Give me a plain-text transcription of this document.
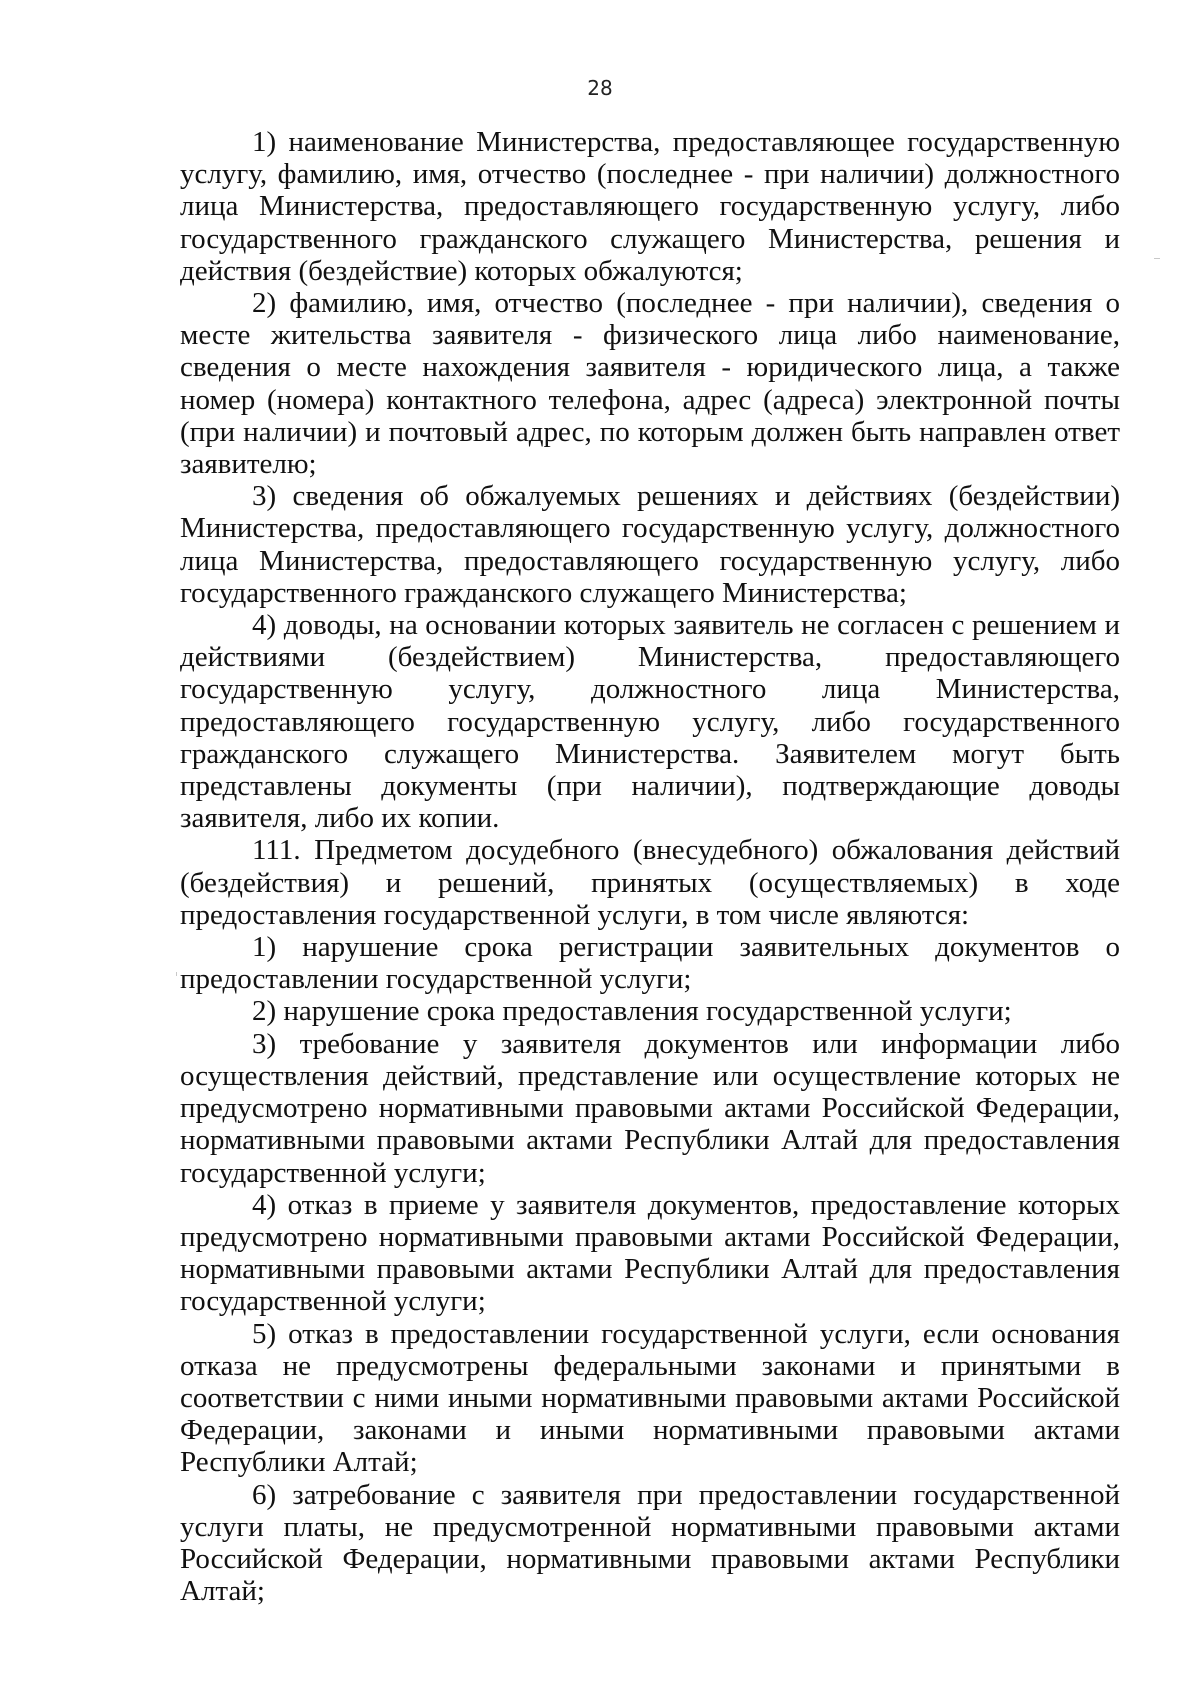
28

1) наименование Министерства, предоставляющее государственную услугу, фамилию, имя, отчество (последнее - при наличии) должностного лица Министерства, предоставляющего государственную услугу, либо государственного гражданского служащего Министерства, решения и действия (бездействие) которых обжалуются;

2) фамилию, имя, отчество (последнее - при наличии), сведения о месте жительства заявителя - физического лица либо наименование, сведения о месте нахождения заявителя - юридического лица, а также номер (номера) контактного телефона, адрес (адреса) электронной почты (при наличии) и почтовый адрес, по которым должен быть направлен ответ заявителю;

3) сведения об обжалуемых решениях и действиях (бездействии) Министерства, предоставляющего государственную услугу, должностного лица Министерства, предоставляющего государственную услугу, либо государственного гражданского служащего Министерства;

4) доводы, на основании которых заявитель не согласен с решением и действиями (бездействием) Министерства, предоставляющего государственную услугу, должностного лица Министерства, предоставляющего государственную услугу, либо государственного гражданского служащего Министерства. Заявителем могут быть представлены документы (при наличии), подтверждающие доводы заявителя, либо их копии.

111. Предметом досудебного (внесудебного) обжалования действий (бездействия) и решений, принятых (осуществляемых) в ходе предоставления государственной услуги, в том числе являются:

1) нарушение срока регистрации заявительных документов о предоставлении государственной услуги;

2) нарушение срока предоставления государственной услуги;

3) требование у заявителя документов или информации либо осуществления действий, представление или осуществление которых не предусмотрено нормативными правовыми актами Российской Федерации, нормативными правовыми актами Республики Алтай для предоставления государственной услуги;

4) отказ в приеме у заявителя документов, предоставление которых предусмотрено нормативными правовыми актами Российской Федерации, нормативными правовыми актами Республики Алтай для предоставления государственной услуги;

5) отказ в предоставлении государственной услуги, если основания отказа не предусмотрены федеральными законами и принятыми в соответствии с ними иными нормативными правовыми актами Российской Федерации, законами и иными нормативными правовыми актами Республики Алтай;

6) затребование с заявителя при предоставлении государственной услуги платы, не предусмотренной нормативными правовыми актами Российской Федерации, нормативными правовыми актами Республики Алтай;
